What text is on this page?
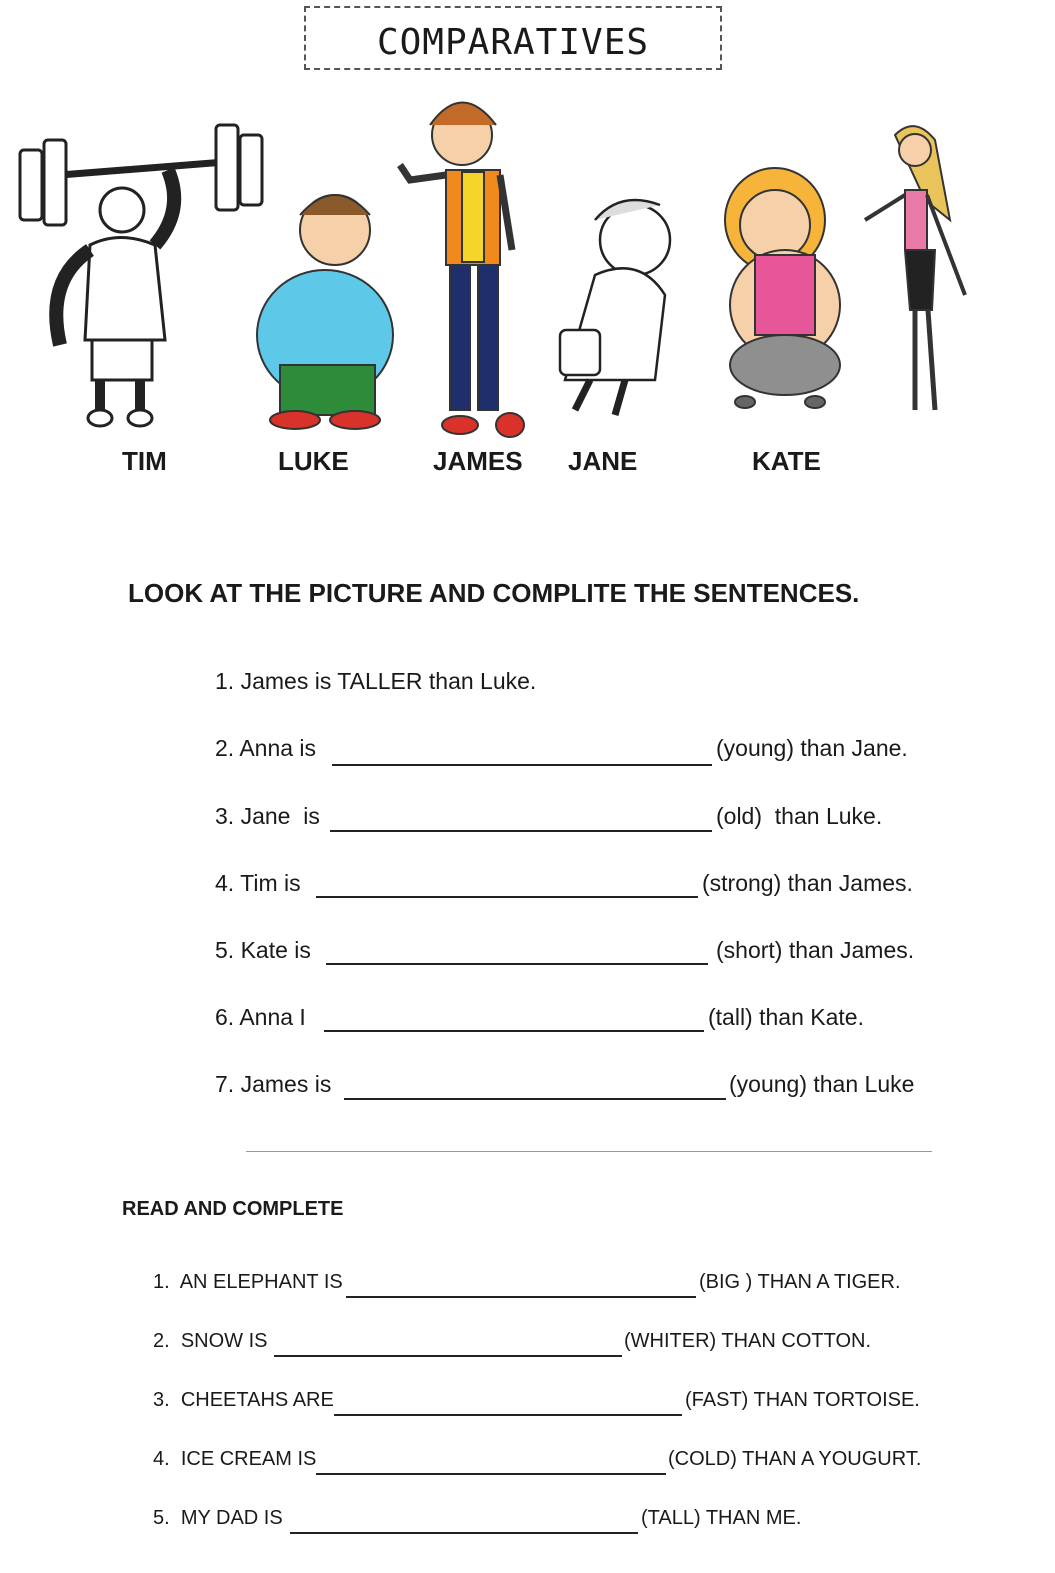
COMPARATIVES
TIM	LUKE	JAMES JANE	KATE
LOOK AT THE PICTURE AND COMPLITE THE SENTENCES.
1. James is TALLER than Luke.
2. Anna is	(young) than Jane.
3. Jane  is	(old)  than Luke.
4. Tim is	(strong) than James.
5. Kate is	(short) than James.
6. Anna I	(tall) than Kate.
7. James is	(young) than Luke
READ AND COMPLETE
1. AN ELEPHANT IS	(BIG ) THAN A TIGER.
2. SNOW IS	(WHITER) THAN COTTON.
3. CHEETAHS ARE	(FAST) THAN TORTOISE.
4. ICE CREAM IS	(COLD) THAN A YOUGURT.
5. MY DAD IS	(TALL) THAN ME.
